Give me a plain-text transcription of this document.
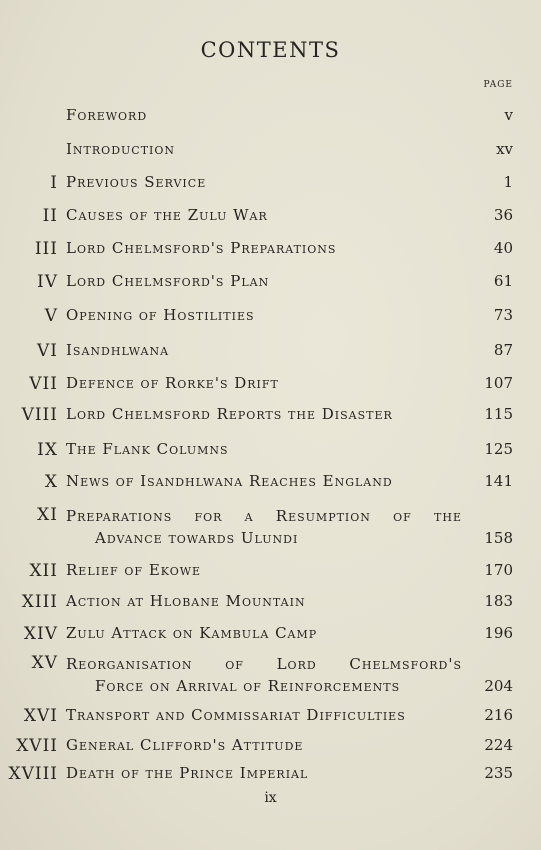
CONTENTS
PAGE
Foreword	v
Introduction	xv
I Previous Service	1
II Causes of the Zulu War	36
III Lord Chelmsford's Preparations	40
IV Lord Chelmsford's Plan	61
V Opening of Hostilities	73
VI Isandhlwana	87
VII Defence of Rorke's Drift	107
VIII Lord Chelmsford Reports the Disaster	115
IX The Flank Columns	125
X News of Isandhlwana Reaches England	141
XI Preparations for a Resumption of the
Advance towards Ulundi	158
XII Relief of Ekowe	170
XIII Action at Hlobane Mountain	183
XIV Zulu Attack on Kambula Camp	196
XV Reorganisation of Lord Chelmsford's
Force on Arrival of Reinforcements	204
XVI Transport and Commissariat Difficulties	216
XVII General Clifford's Attitude	224
XVIII Death of the Prince Imperial	235
ix
